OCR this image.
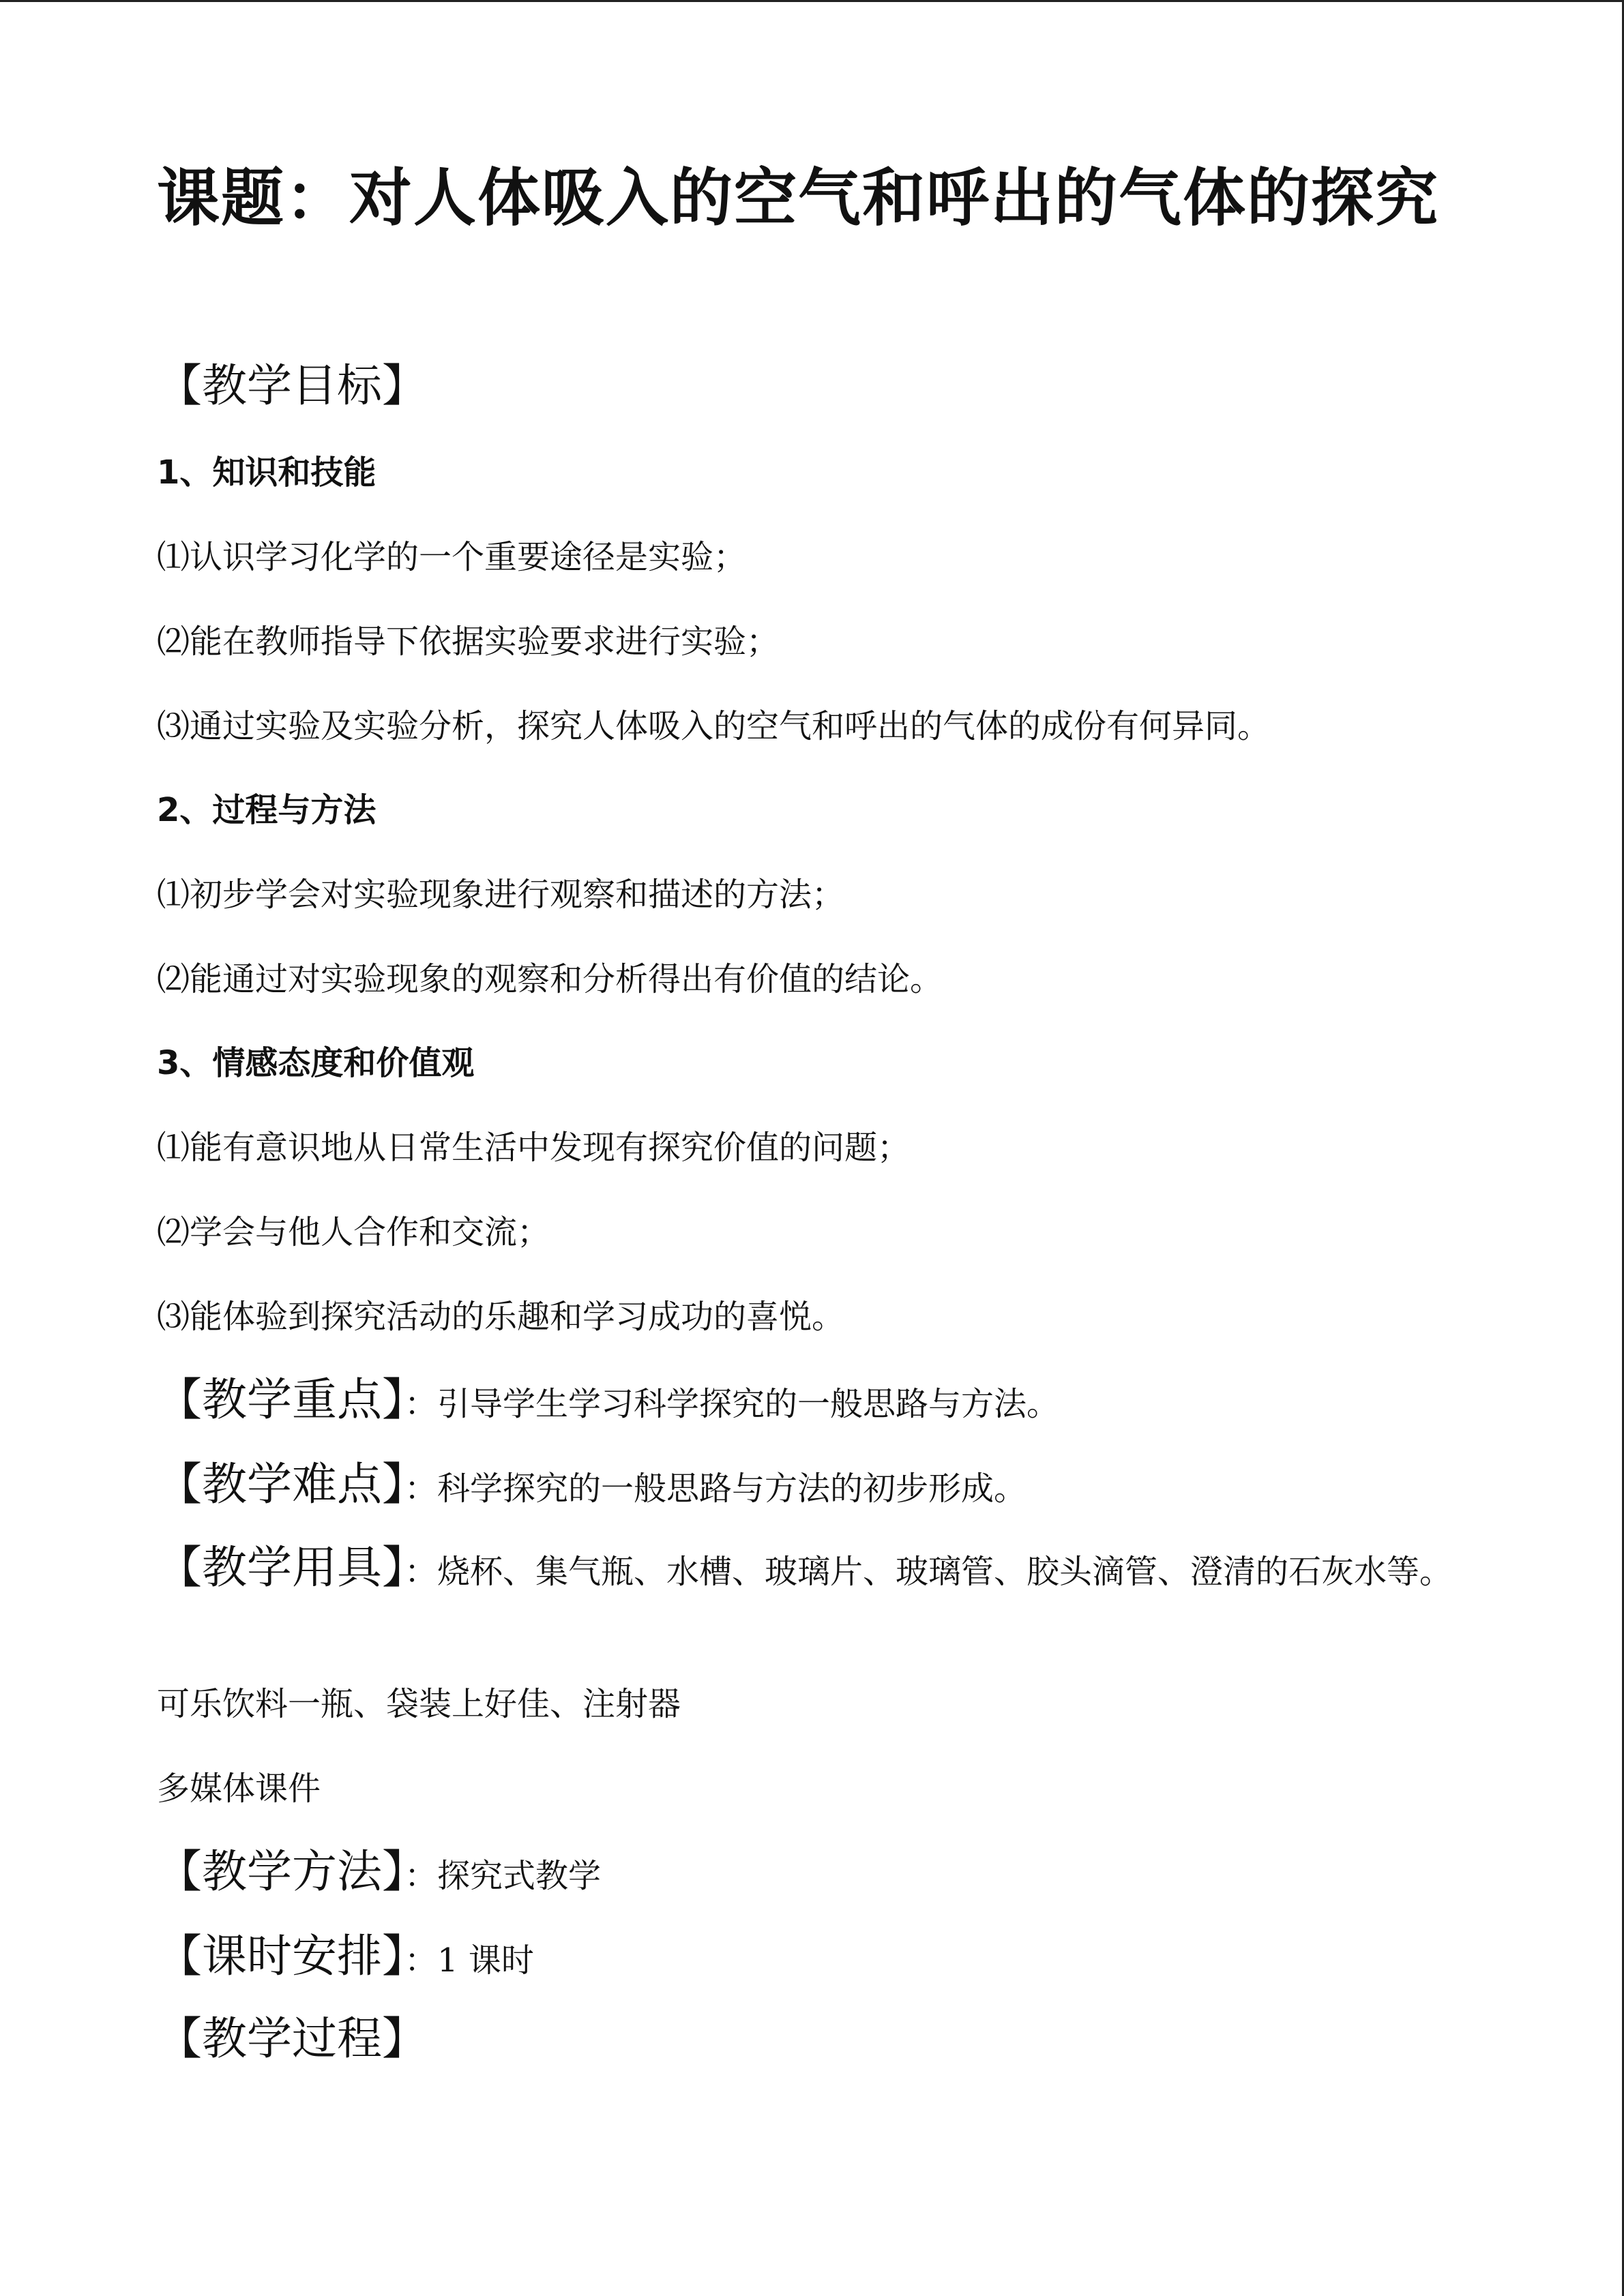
课题：对人体吸入的空气和呼出的气体的探究
【教学目标】
1、知识和技能
⑴认识学习化学的一个重要途径是实验；
⑵能在教师指导下依据实验要求进行实验；
⑶通过实验及实验分析，探究人体吸入的空气和呼出的气体的成份有何异同。
2、过程与方法
⑴初步学会对实验现象进行观察和描述的方法；
⑵能通过对实验现象的观察和分析得出有价值的结论。
3、情感态度和价值观
⑴能有意识地从日常生活中发现有探究价值的问题；
⑵学会与他人合作和交流；
⑶能体验到探究活动的乐趣和学习成功的喜悦。
【教学重点】：引导学生学习科学探究的一般思路与方法。
【教学难点】：科学探究的一般思路与方法的初步形成。
【教学用具】：烧杯、集气瓶、水槽、玻璃片、玻璃管、胶头滴管、澄清的石灰水等。
可乐饮料一瓶、袋装上好佳、注射器
多媒体课件
【教学方法】：探究式教学
【课时安排】：1 课时
【教学过程】
